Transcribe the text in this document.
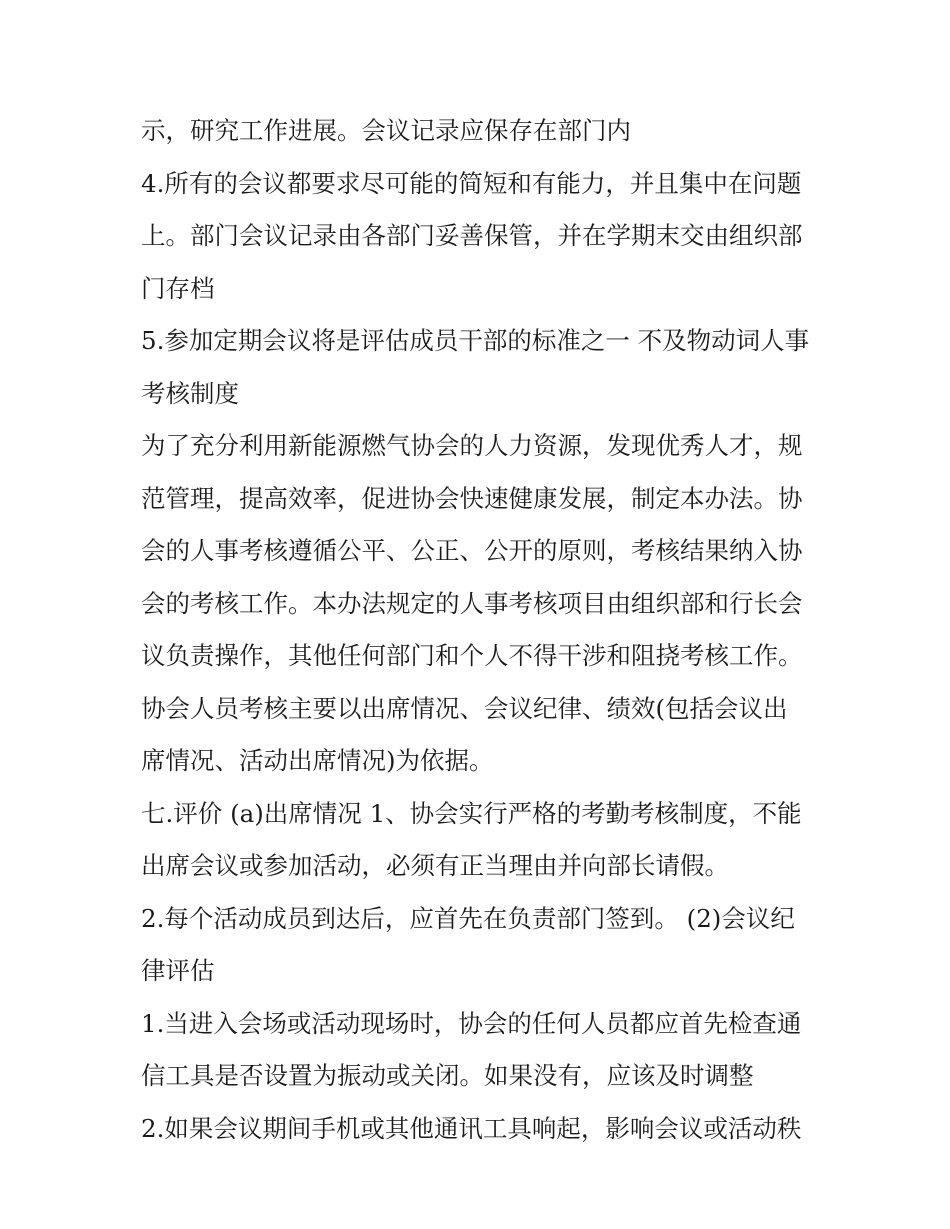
示，研究工作进展。会议记录应保存在部门内
4.所有的会议都要求尽可能的简短和有能力，并且集中在问题
上。部门会议记录由各部门妥善保管，并在学期末交由组织部
门存档
5.参加定期会议将是评估成员干部的标准之一 不及物动词人事
考核制度
为了充分利用新能源燃气协会的人力资源，发现优秀人才，规
范管理，提高效率，促进协会快速健康发展，制定本办法。协
会的人事考核遵循公平、公正、公开的原则，考核结果纳入协
会的考核工作。本办法规定的人事考核项目由组织部和行长会
议负责操作，其他任何部门和个人不得干涉和阻挠考核工作。
协会人员考核主要以出席情况、会议纪律、绩效(包括会议出
席情况、活动出席情况)为依据。
七.评价 (a)出席情况 1、协会实行严格的考勤考核制度，不能
出席会议或参加活动，必须有正当理由并向部长请假。
2.每个活动成员到达后，应首先在负责部门签到。 (2)会议纪
律评估
1.当进入会场或活动现场时，协会的任何人员都应首先检查通
信工具是否设置为振动或关闭。如果没有，应该及时调整
2.如果会议期间手机或其他通讯工具响起，影响会议或活动秩
